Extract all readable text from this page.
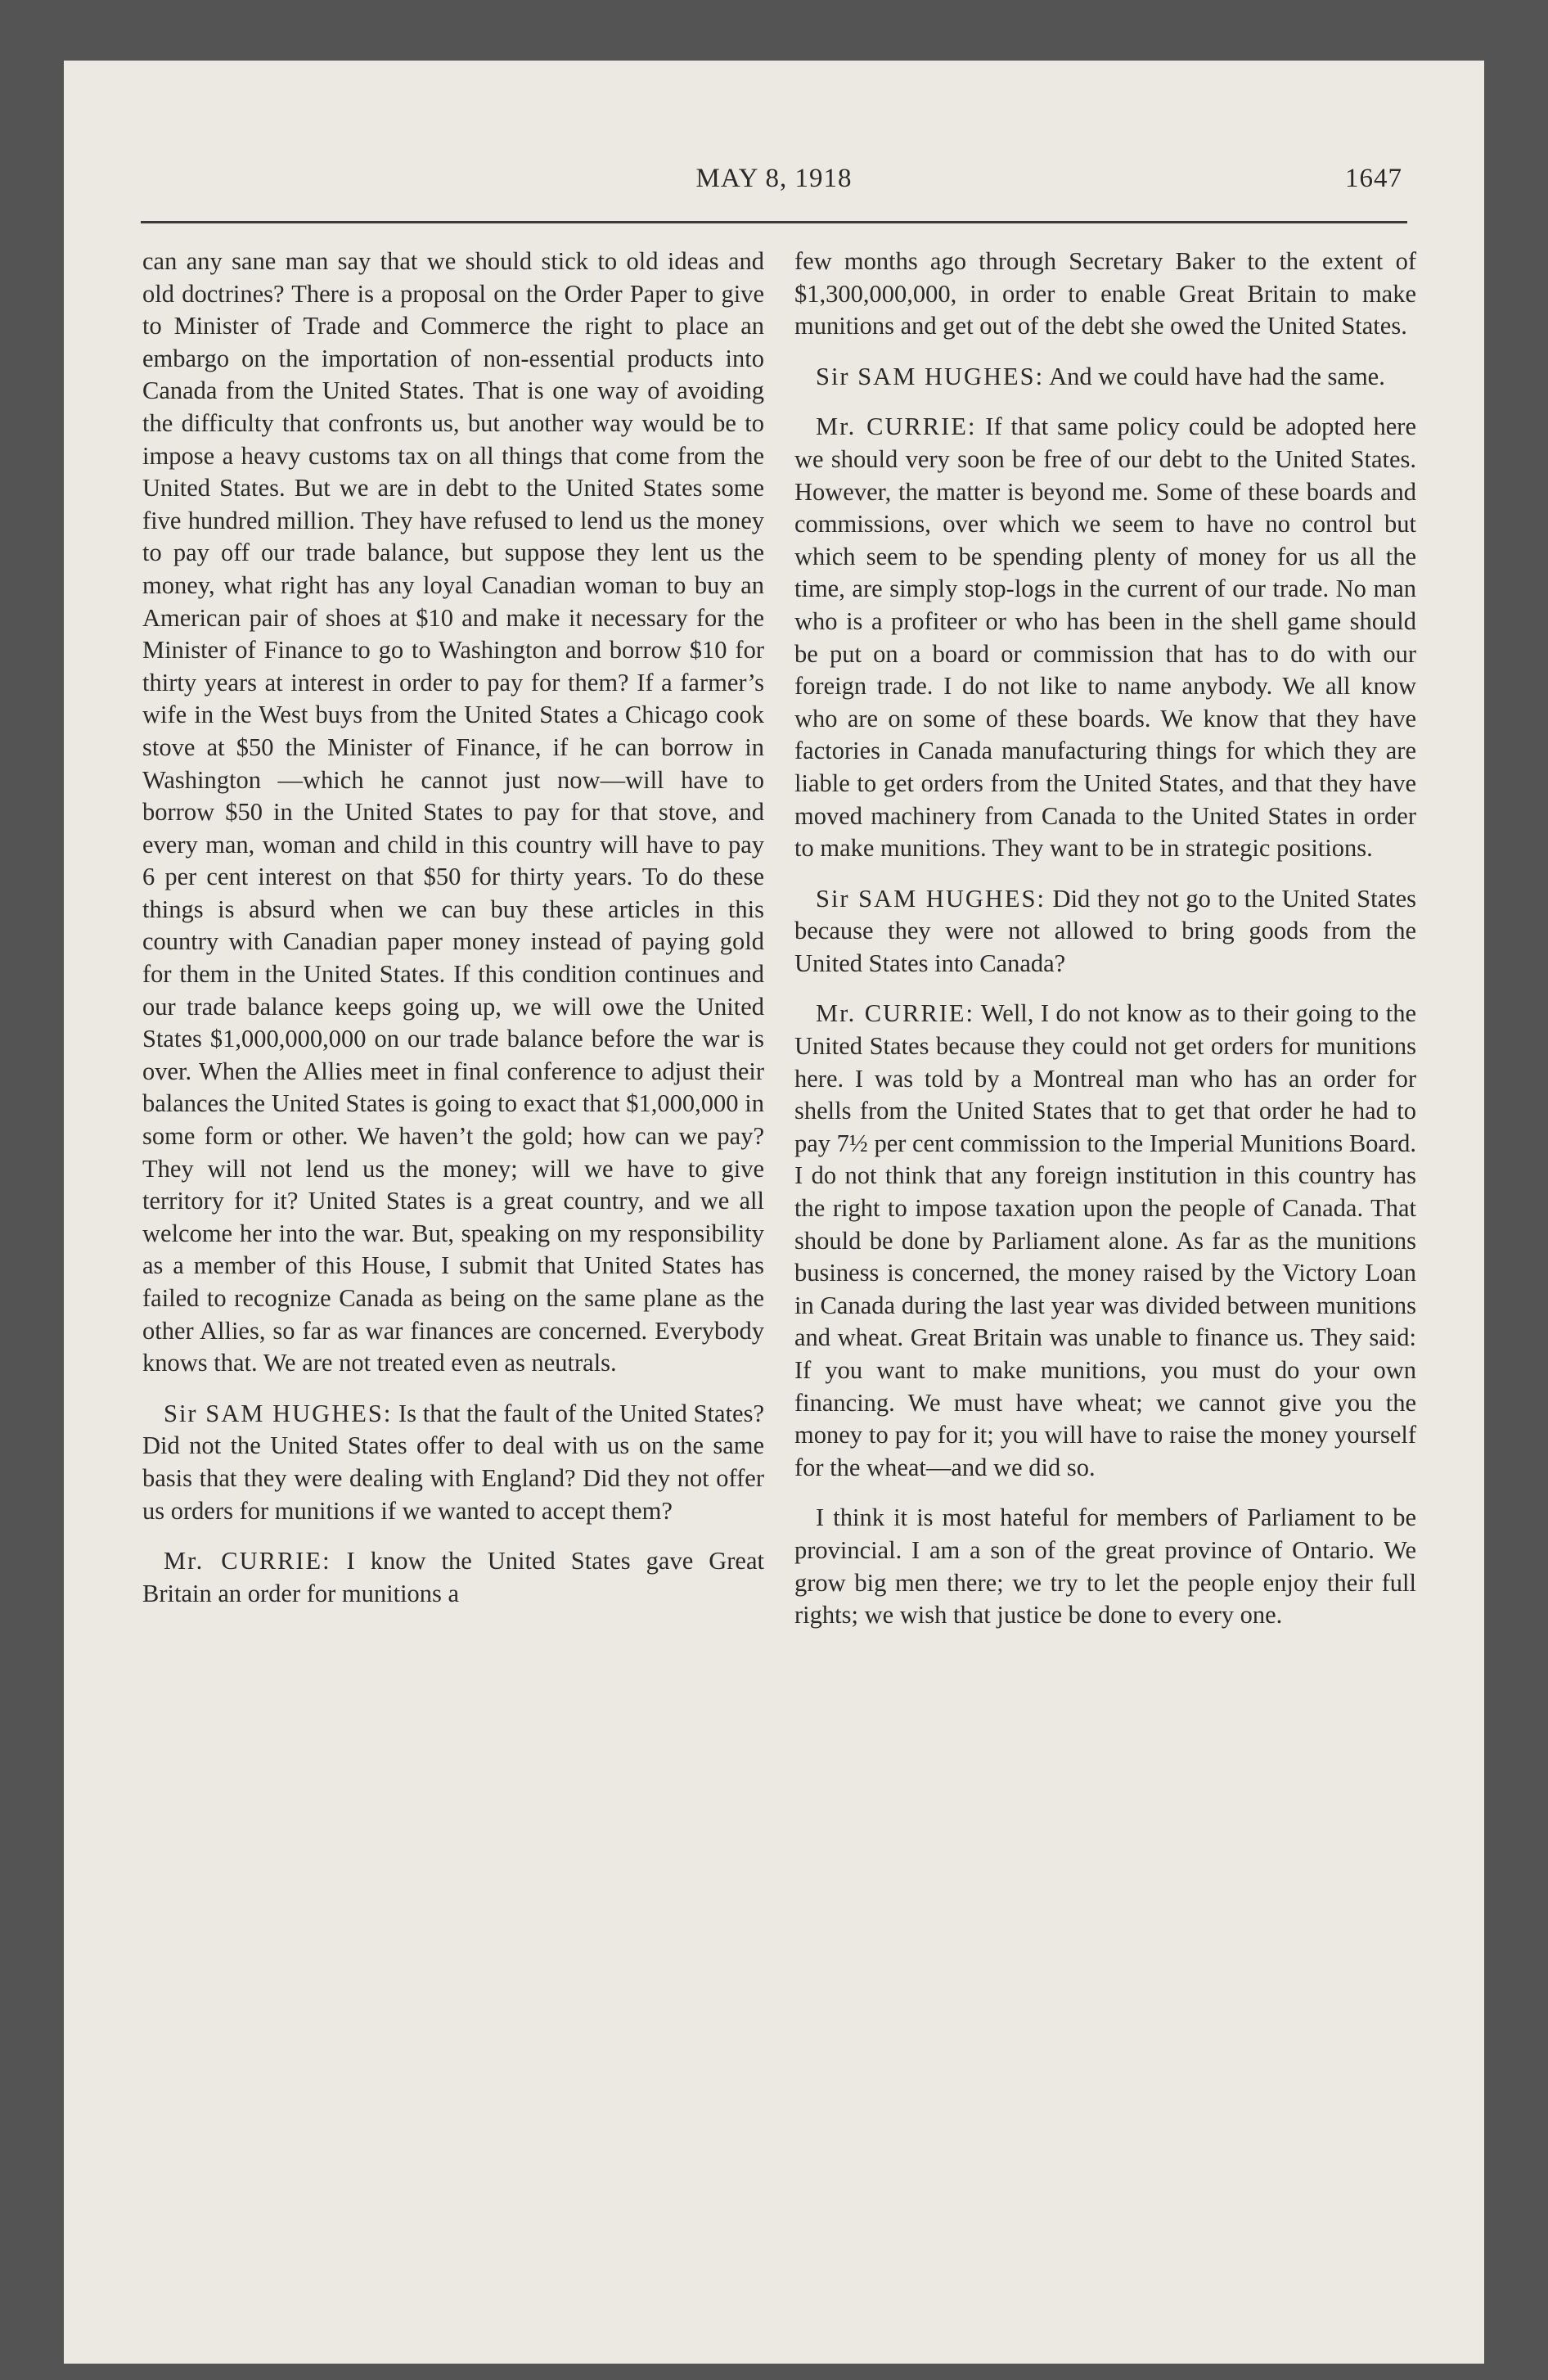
MAY 8, 1918	1647

can any sane man say that we should stick to old ideas and old doctrines? There is a proposal on the Order Paper to give to Minister of Trade and Commerce the right to place an embargo on the importation of non-essential products into Canada from the United States. That is one way of avoiding the difficulty that confronts us, but another way would be to impose a heavy customs tax on all things that come from the United States. But we are in debt to the United States some five hundred million. They have refused to lend us the money to pay off our trade balance, but suppose they lent us the money, what right has any loyal Canadian woman to buy an American pair of shoes at $10 and make it necessary for the Minister of Finance to go to Washington and borrow $10 for thirty years at interest in order to pay for them? If a farmer’s wife in the West buys from the United States a Chicago cook stove at $50 the Minister of Finance, if he can borrow in Washington —which he cannot just now—will have to borrow $50 in the United States to pay for that stove, and every man, woman and child in this country will have to pay 6 per cent interest on that $50 for thirty years. To do these things is absurd when we can buy these articles in this country with Canadian paper money instead of paying gold for them in the United States. If this condition continues and our trade balance keeps going up, we will owe the United States $1,000,000,000 on our trade balance before the war is over. When the Allies meet in final conference to adjust their balances the United States is going to exact that $1,000,000 in some form or other. We haven’t the gold; how can we pay? They will not lend us the money; will we have to give territory for it? United States is a great country, and we all welcome her into the war. But, speaking on my responsibility as a member of this House, I submit that United States has failed to recognize Canada as being on the same plane as the other Allies, so far as war finances are concerned. Everybody knows that. We are not treated even as neutrals.

Sir SAM HUGHES: Is that the fault of the United States? Did not the United States offer to deal with us on the same basis that they were dealing with England? Did they not offer us orders for munitions if we wanted to accept them?

Mr. CURRIE: I know the United States gave Great Britain an order for munitions a

few months ago through Secretary Baker to the extent of $1,300,000,000, in order to enable Great Britain to make munitions and get out of the debt she owed the United States.

Sir SAM HUGHES: And we could have had the same.

Mr. CURRIE: If that same policy could be adopted here we should very soon be free of our debt to the United States. However, the matter is beyond me. Some of these boards and commissions, over which we seem to have no control but which seem to be spending plenty of money for us all the time, are simply stop-logs in the current of our trade. No man who is a profiteer or who has been in the shell game should be put on a board or commission that has to do with our foreign trade. I do not like to name anybody. We all know who are on some of these boards. We know that they have factories in Canada manufacturing things for which they are liable to get orders from the United States, and that they have moved machinery from Canada to the United States in order to make munitions. They want to be in strategic positions.

Sir SAM HUGHES: Did they not go to the United States because they were not allowed to bring goods from the United States into Canada?

Mr. CURRIE: Well, I do not know as to their going to the United States because they could not get orders for munitions here. I was told by a Montreal man who has an order for shells from the United States that to get that order he had to pay 7½ per cent commission to the Imperial Munitions Board. I do not think that any foreign institution in this country has the right to impose taxation upon the people of Canada. That should be done by Parliament alone. As far as the munitions business is concerned, the money raised by the Victory Loan in Canada during the last year was divided between munitions and wheat. Great Britain was unable to finance us. They said: If you want to make munitions, you must do your own financing. We must have wheat; we cannot give you the money to pay for it; you will have to raise the money yourself for the wheat—and we did so.

I think it is most hateful for members of Parliament to be provincial. I am a son of the great province of Ontario. We grow big men there; we try to let the people enjoy their full rights; we wish that justice be done to every one.
